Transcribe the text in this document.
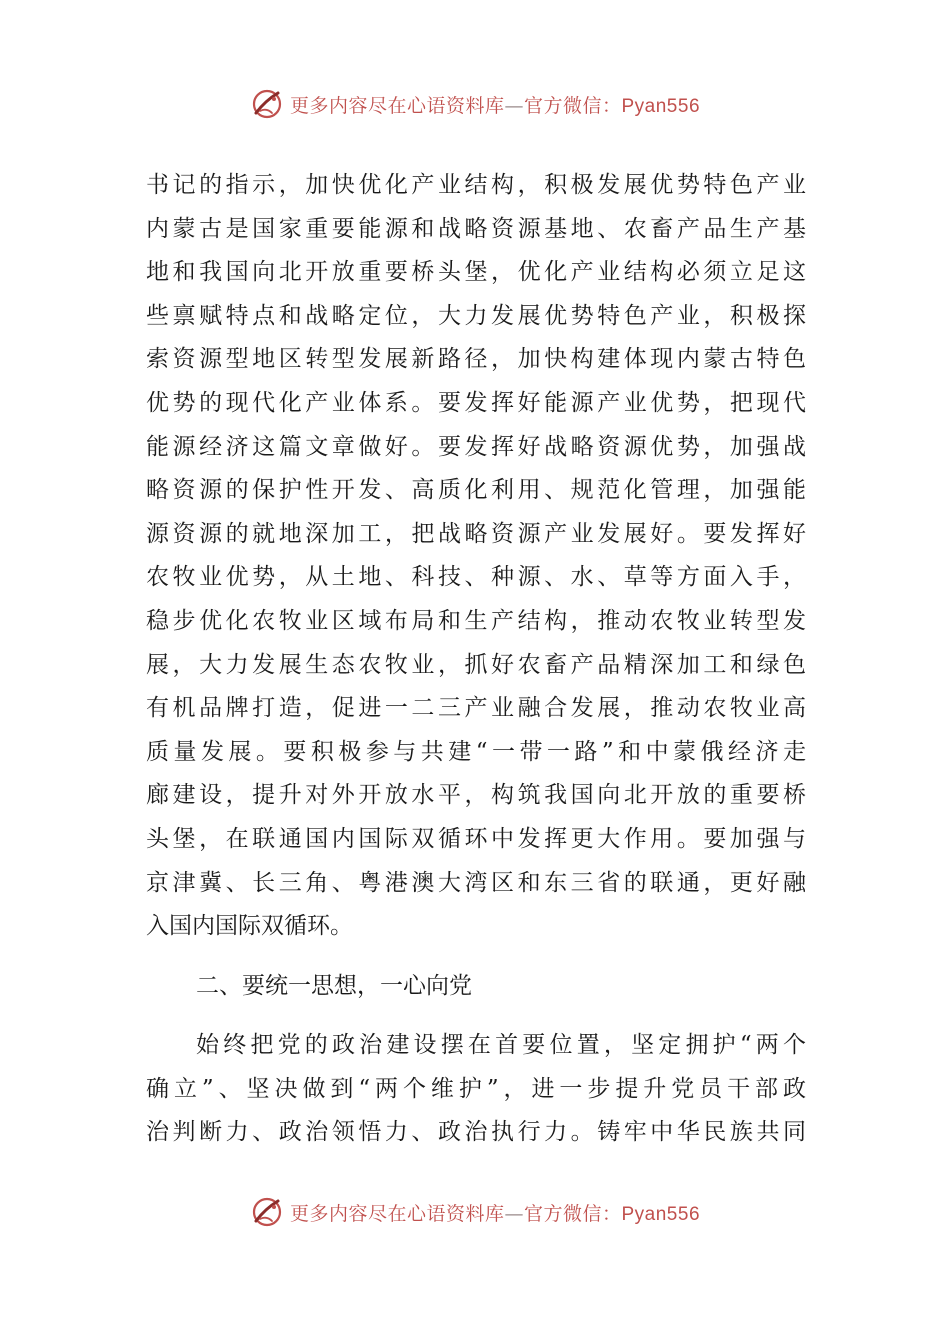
更多内容尽在心语资料库—官方微信：Pyan556
书记的指示，加快优化产业结构，积极发展优势特色产业
内蒙古是国家重要能源和战略资源基地、农畜产品生产基
地和我国向北开放重要桥头堡，优化产业结构必须立足这
些禀赋特点和战略定位，大力发展优势特色产业，积极探
索资源型地区转型发展新路径，加快构建体现内蒙古特色
优势的现代化产业体系。要发挥好能源产业优势，把现代
能源经济这篇文章做好。要发挥好战略资源优势，加强战
略资源的保护性开发、高质化利用、规范化管理，加强能
源资源的就地深加工，把战略资源产业发展好。要发挥好
农牧业优势，从土地、科技、种源、水、草等方面入手，
稳步优化农牧业区域布局和生产结构，推动农牧业转型发
展，大力发展生态农牧业，抓好农畜产品精深加工和绿色
有机品牌打造，促进一二三产业融合发展，推动农牧业高
质量发展。要积极参与共建“一带一路”和中蒙俄经济走
廊建设，提升对外开放水平，构筑我国向北开放的重要桥
头堡，在联通国内国际双循环中发挥更大作用。要加强与
京津冀、长三角、粤港澳大湾区和东三省的联通，更好融
入国内国际双循环。
二、要统一思想，一心向党
始终把党的政治建设摆在首要位置，坚定拥护“两个
确立”、坚决做到“两个维护”，进一步提升党员干部政
治判断力、政治领悟力、政治执行力。铸牢中华民族共同
更多内容尽在心语资料库—官方微信：Pyan556
